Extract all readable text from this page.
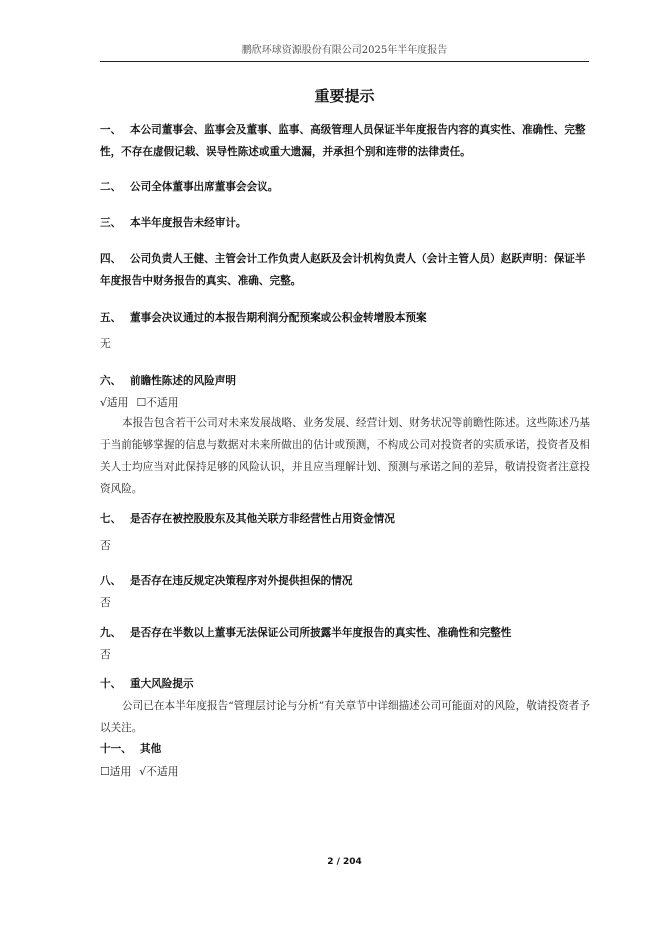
鹏欣环球资源股份有限公司2025年半年度报告
重要提示
一、 本公司董事会、监事会及董事、监事、高级管理人员保证半年度报告内容的真实性、准确性、完整性，不存在虚假记载、误导性陈述或重大遗漏，并承担个别和连带的法律责任。
二、 公司全体董事出席董事会会议。
三、 本半年度报告未经审计。
四、 公司负责人王健、主管会计工作负责人赵跃及会计机构负责人（会计主管人员）赵跃声明：保证半年度报告中财务报告的真实、准确、完整。
五、 董事会决议通过的本报告期利润分配预案或公积金转增股本预案
无
六、 前瞻性陈述的风险声明
√适用 ☐不适用
本报告包含若干公司对未来发展战略、业务发展、经营计划、财务状况等前瞻性陈述。这些陈述乃基于当前能够掌握的信息与数据对未来所做出的估计或预测，不构成公司对投资者的实质承诺，投资者及相关人士均应当对此保持足够的风险认识，并且应当理解计划、预测与承诺之间的差异，敬请投资者注意投资风险。
七、 是否存在被控股股东及其他关联方非经营性占用资金情况
否
八、 是否存在违反规定决策程序对外提供担保的情况
否
九、 是否存在半数以上董事无法保证公司所披露半年度报告的真实性、准确性和完整性
否
十、 重大风险提示
公司已在本半年度报告“管理层讨论与分析”有关章节中详细描述公司可能面对的风险，敬请投资者予以关注。
十一、 其他
☐适用 √不适用
2 / 204
